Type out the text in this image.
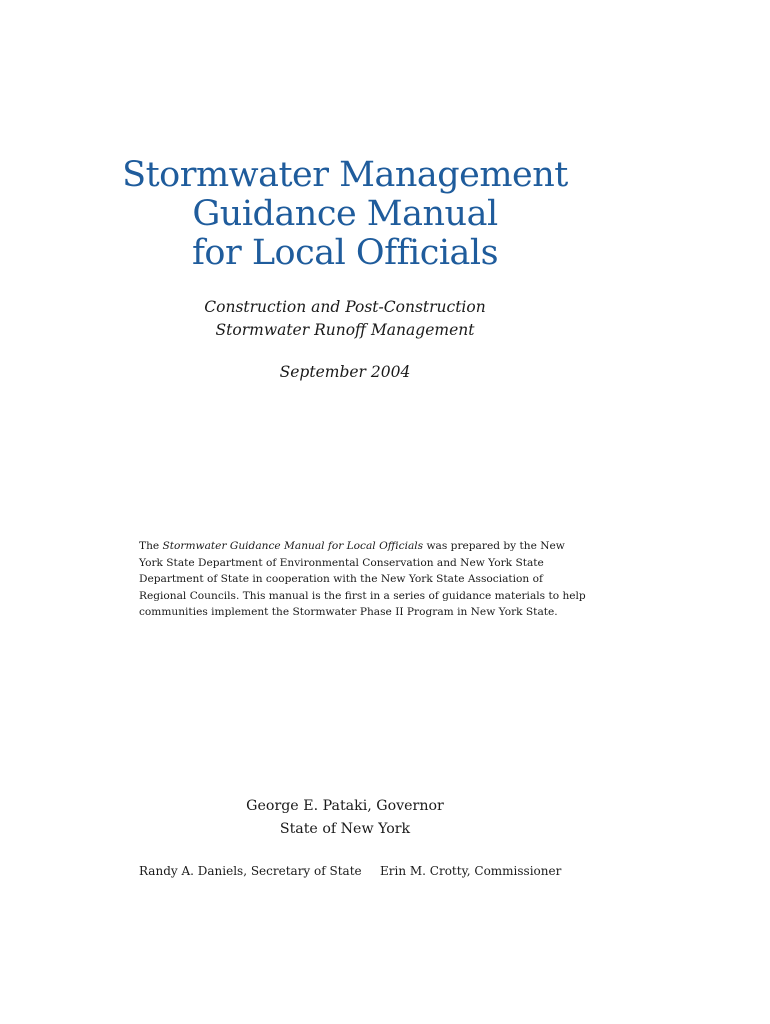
Stormwater Management
Guidance Manual
for Local Officials
Construction and Post-Construction
Stormwater Runoff Management
September 2004
The Stormwater Guidance Manual for Local Officials was prepared by the New
York State Department of Environmental Conservation and New York State
Department of State in cooperation with the New York State Association of
Regional Councils. This manual is the first in a series of guidance materials to help
communities implement the Stormwater Phase II Program in New York State.
George E. Pataki, Governor
State of New York
Randy A. Daniels, Secretary of State Erin M. Crotty, Commissioner
